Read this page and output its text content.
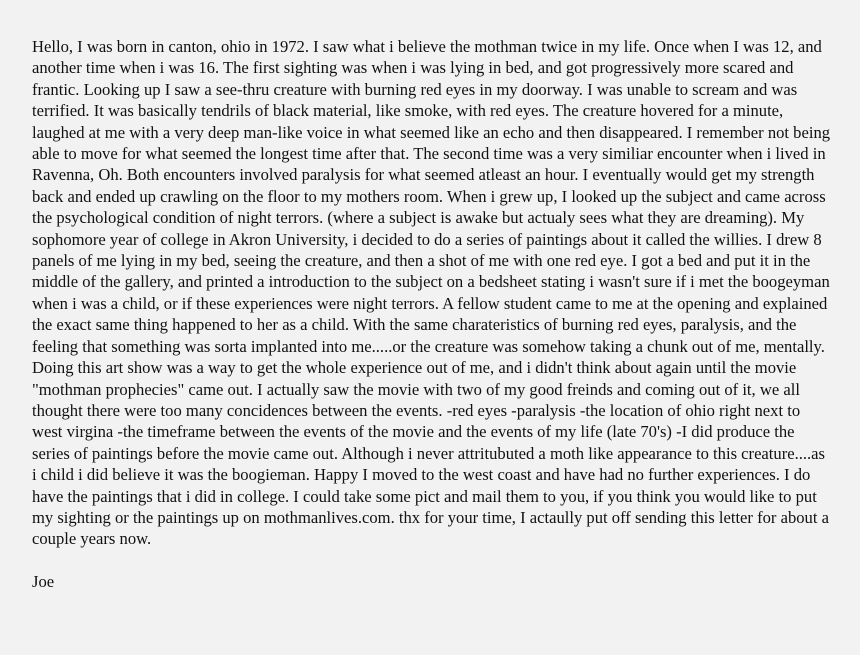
Hello, I was born in canton, ohio in 1972. I saw what i believe the mothman twice in my life. Once when I was 12, and another time when i was 16. The first sighting was when i was lying in bed, and got progressively more scared and frantic. Looking up I saw a see-thru creature with burning red eyes in my doorway. I was unable to scream and was terrified. It was basically tendrils of black material, like smoke, with red eyes. The creature hovered for a minute, laughed at me with a very deep man-like voice in what seemed like an echo and then disappeared. I remember not being able to move for what seemed the longest time after that. The second time was a very similiar encounter when i lived in Ravenna, Oh. Both encounters involved paralysis for what seemed atleast an hour. I eventually would get my strength back and ended up crawling on the floor to my mothers room. When i grew up, I looked up the subject and came across the psychological condition of night terrors. (where a subject is awake but actualy sees what they are dreaming). My sophomore year of college in Akron University, i decided to do a series of paintings about it called the willies. I drew 8 panels of me lying in my bed, seeing the creature, and then a shot of me with one red eye. I got a bed and put it in the middle of the gallery, and printed a introduction to the subject on a bedsheet stating i wasn't sure if i met the boogeyman when i was a child, or if these experiences were night terrors. A fellow student came to me at the opening and explained the exact same thing happened to her as a child. With the same charateristics of burning red eyes, paralysis, and the feeling that something was sorta implanted into me.....or the creature was somehow taking a chunk out of me, mentally. Doing this art show was a way to get the whole experience out of me, and i didn't think about again until the movie "mothman prophecies" came out. I actually saw the movie with two of my good freinds and coming out of it, we all thought there were too many concidences between the events. -red eyes -paralysis -the location of ohio right next to west virgina -the timeframe between the events of the movie and the events of my life (late 70's) -I did produce the series of paintings before the movie came out. Although i never attritubuted a moth like appearance to this creature....as i child i did believe it was the boogieman. Happy I moved to the west coast and have had no further experiences. I do have the paintings that i did in college. I could take some pict and mail them to you, if you think you would like to put my sighting or the paintings up on mothmanlives.com. thx for your time, I actaully put off sending this letter for about a couple years now.

Joe
